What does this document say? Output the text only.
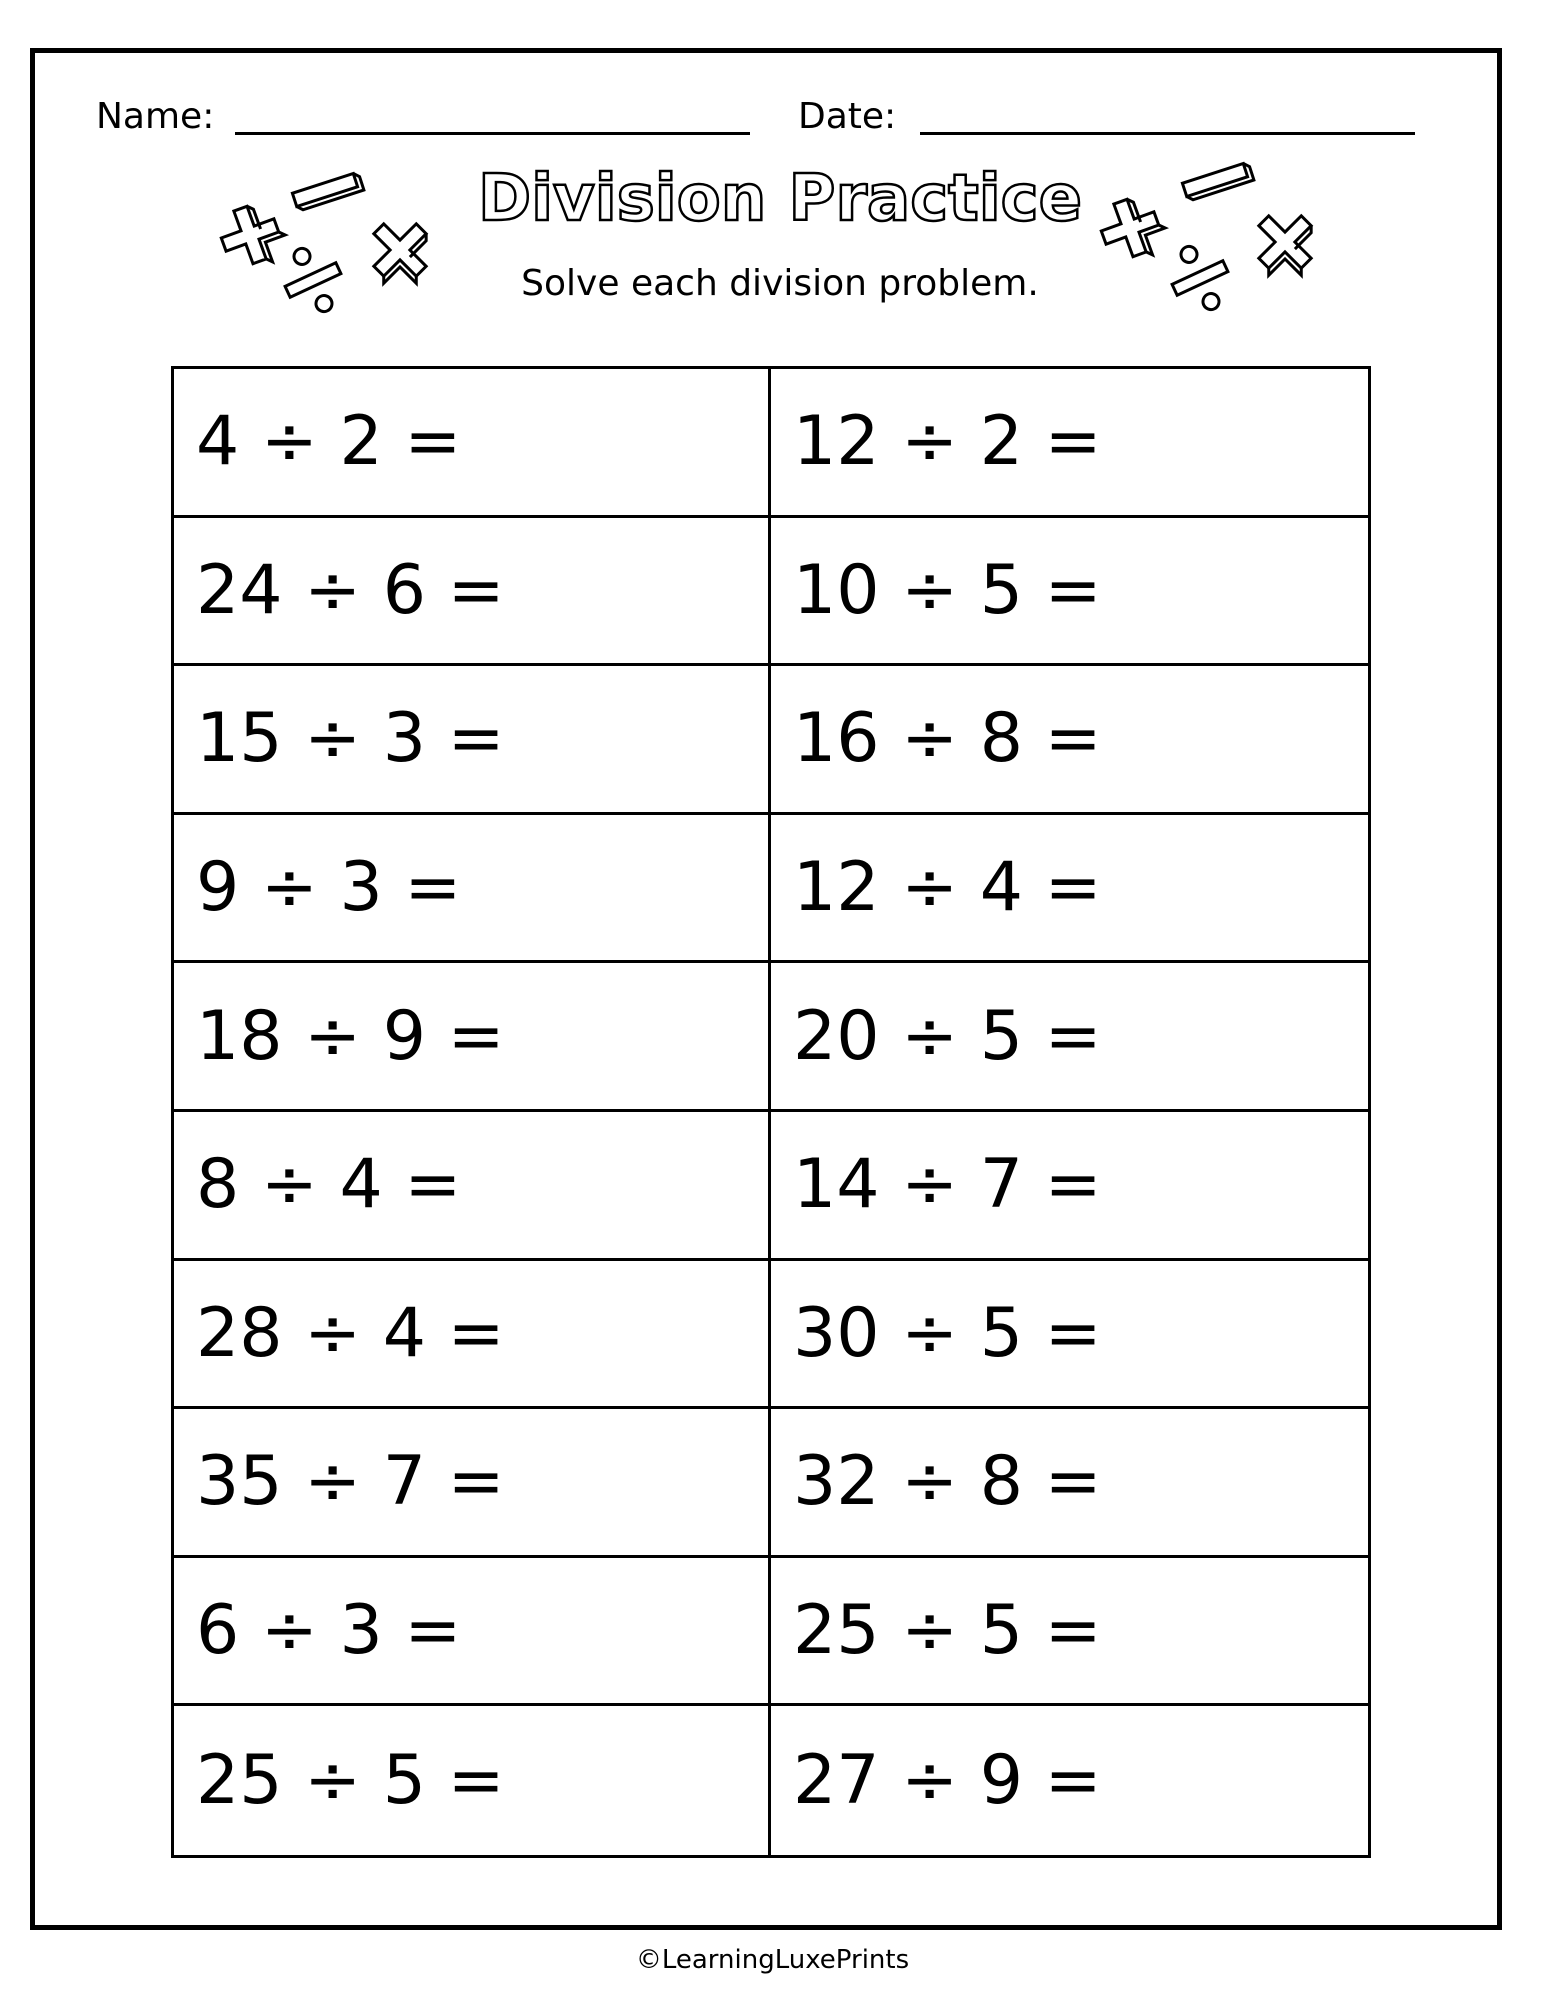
Name:	Date:
Division Practice
Solve each division problem.
4 ÷ 2 =	12 ÷ 2 =
24 ÷ 6 =	10 ÷ 5 =
15 ÷ 3 =	16 ÷ 8 =
9 ÷ 3 =	12 ÷ 4 =
18 ÷ 9 =	20 ÷ 5 =
8 ÷ 4 =	14 ÷ 7 =
28 ÷ 4 =	30 ÷ 5 =
35 ÷ 7 =	32 ÷ 8 =
6 ÷ 3 =	25 ÷ 5 =
25 ÷ 5 =	27 ÷ 9 =
©LearningLuxePrints
